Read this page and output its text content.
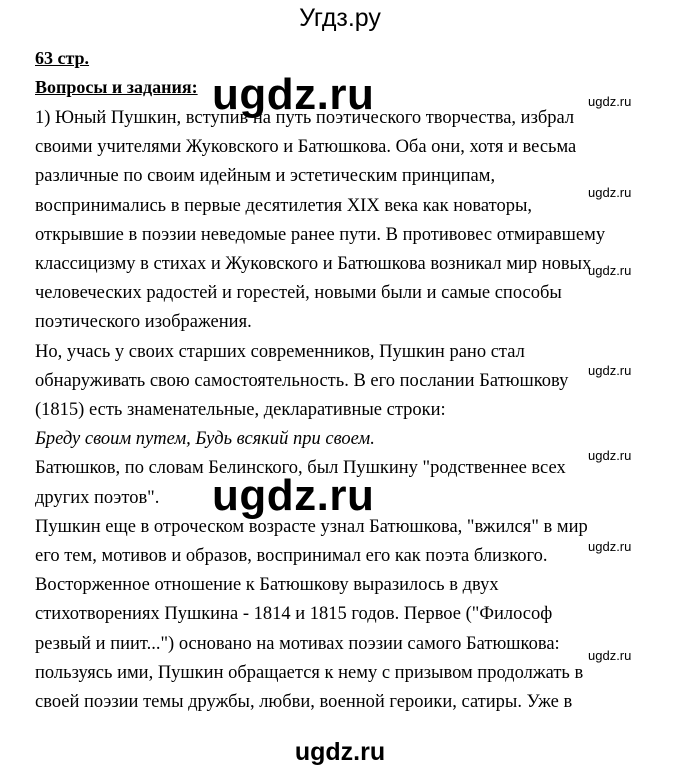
Угдз.ру
63 стр.
Вопросы и задания:
1) Юный Пушкин, вступив на путь поэтического творчества, избрал
своими учителями Жуковского и Батюшкова. Оба они, хотя и весьма
различные по своим идейным и эстетическим принципам,
воспринимались в первые десятилетия XIX века как новаторы,
открывшие в поэзии неведомые ранее пути. В противовес отмиравшему
классицизму в стихах и Жуковского и Батюшкова возникал мир новых
человеческих радостей и горестей, новыми были и самые способы
поэтического изображения.
Но, учась у своих старших современников, Пушкин рано стал
обнаруживать свою самостоятельность. В его послании Батюшкову
(1815) есть знаменательные, декларативные строки:
Бреду своим путем, Будь всякий при своем.
Батюшков, по словам Белинского, был Пушкину "родственнее всех
других поэтов".
Пушкин еще в отроческом возрасте узнал Батюшкова, "вжился" в мир
его тем, мотивов и образов, воспринимал его как поэта близкого.
Восторженное отношение к Батюшкову выразилось в двух
стихотворениях Пушкина - 1814 и 1815 годов. Первое ("Философ
резвый и пиит...") основано на мотивах поэзии самого Батюшкова:
пользуясь ими, Пушкин обращается к нему с призывом продолжать в
своей поэзии темы дружбы, любви, военной героики, сатиры. Уже в
ugdz.ru
ugdz.ru
ugdz.ru
ugdz.ru
ugdz.ru
ugdz.ru
ugdz.ru
ugdz.ru
ugdz.ru
ugdz.ru
